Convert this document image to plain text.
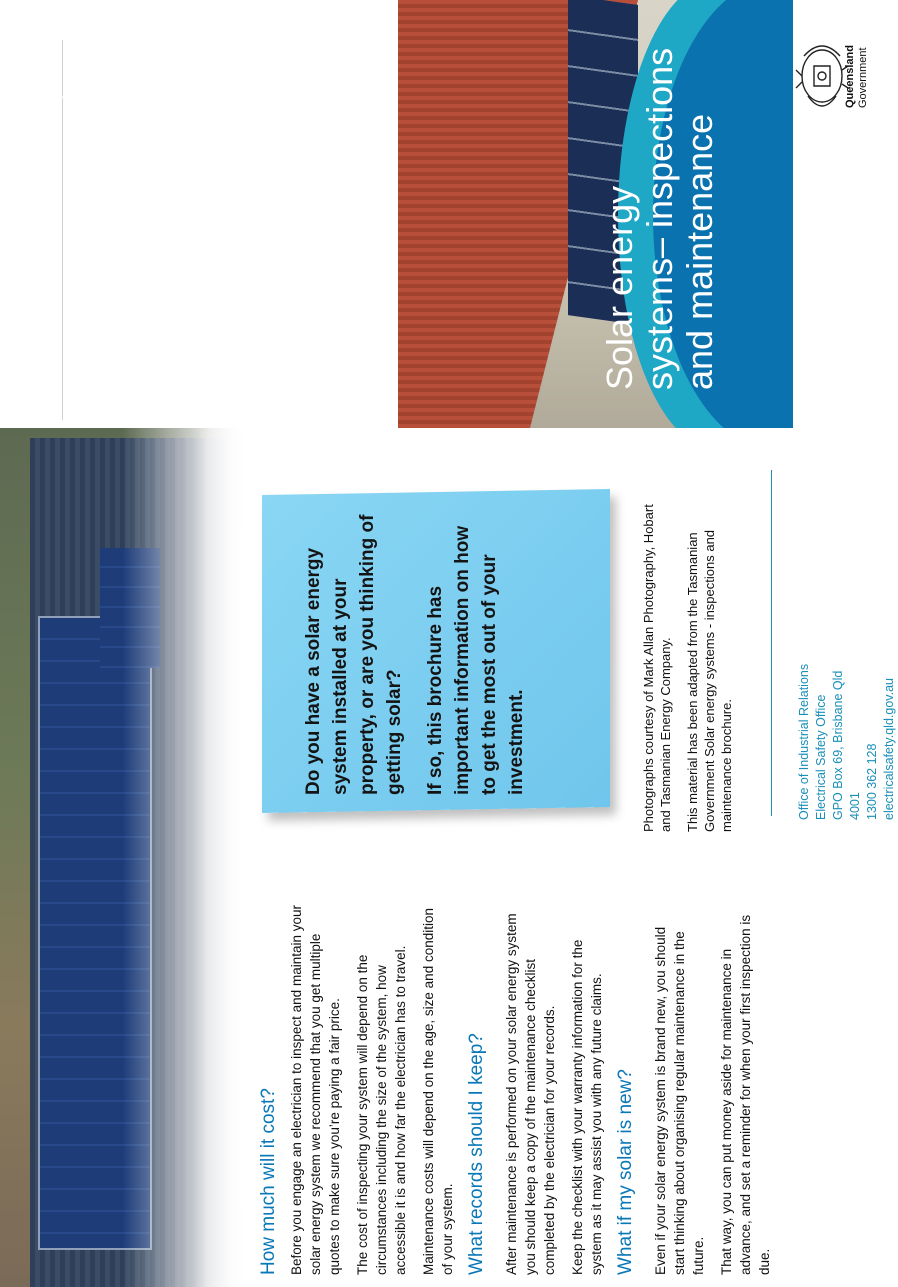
Electrical Safety Office
Solar energy systems– inspections and maintenance
Queensland
Government
How much will it cost? Before you engage an electrician to inspect and maintain your solar energy system we recommend that you get multiple quotes to make sure you’re paying a fair price. The cost of inspecting your system will depend on the circumstances including the size of the system, how accessible it is and how far the electrician has to travel. Maintenance costs will depend on the age, size and condition of your system. What records should I keep? After maintenance is performed on your solar energy system you should keep a copy of the maintenance checklist completed by the electrician for your records. Keep the checklist with your warranty information for the system as it may assist you with any future claims. What if my solar is new? Even if your solar energy system is brand new, you should start thinking about organising regular maintenance in the future. That way, you can put money aside for maintenance in advance, and set a reminder for when your first inspection is due.

Do you have a solar energy system installed at your property, or are you thinking of getting solar? If so, this brochure has important information on how to get the most out of your investment.	Photographs courtesy of Mark Allan Photography, Hobart and Tasmanian Energy Company. This material has been adapted from the Tasmanian Government Solar energy systems - inspections and maintenance brochure.	Office of Industrial Relations Electrical Safety Office GPO Box 69, Brisbane Qld 4001 1300 362 128 electricalsafety.qld.gov.au
